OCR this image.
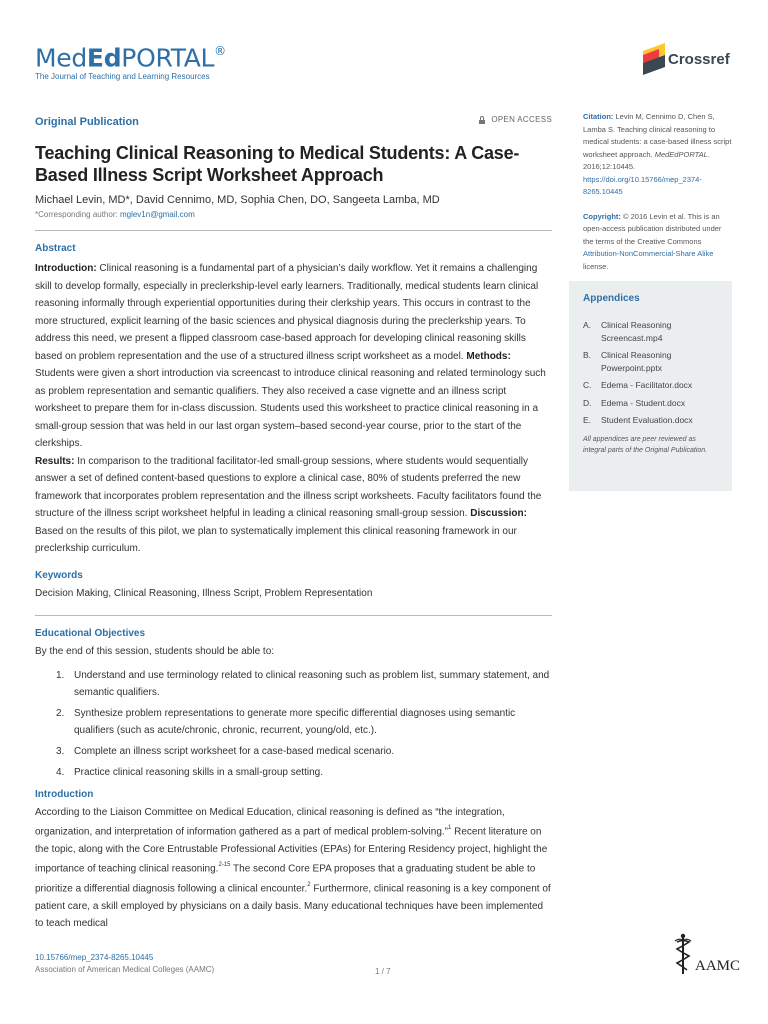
MedEdPORTAL®
The Journal of Teaching and Learning Resources
Crossref
Original Publication	OPEN ACCESS
Teaching Clinical Reasoning to Medical Students: A Case-Based Illness Script Worksheet Approach
Michael Levin, MD*, David Cennimo, MD, Sophia Chen, DO, Sangeeta Lamba, MD
*Corresponding author: mglev1n@gmail.com
Abstract

Introduction: Clinical reasoning is a fundamental part of a physician’s daily workflow. Yet it remains a challenging skill to develop formally, especially in preclerkship-level early learners. Traditionally, medical students learn clinical reasoning informally through experiential opportunities during their clerkship years. This occurs in contrast to the more structured, explicit learning of the basic sciences and physical diagnosis during the preclerkship years. To address this need, we present a flipped classroom case-based approach for developing clinical reasoning skills based on problem representation and the use of a structured illness script worksheet as a model. Methods: Students were given a short introduction via screencast to introduce clinical reasoning and related terminology such as problem representation and semantic qualifiers. They also received a case vignette and an illness script worksheet to prepare them for in-class discussion. Students used this worksheet to practice clinical reasoning in a small-group session that was held in our last organ system–based second-year course, prior to the start of the clerkships.
Results: In comparison to the traditional facilitator-led small-group sessions, where students would sequentially answer a set of defined content-based questions to explore a clinical case, 80% of students preferred the new framework that incorporates problem representation and the illness script worksheets. Faculty facilitators found the structure of the illness script worksheet helpful in leading a clinical reasoning small-group session. Discussion: Based on the results of this pilot, we plan to systematically implement this clinical reasoning framework in our preclerkship curriculum.

Keywords

Decision Making, Clinical Reasoning, Illness Script, Problem Representation

Educational Objectives

By the end of this session, students should be able to:

1. Understand and use terminology related to clinical reasoning such as problem list, summary statement, and semantic qualifiers.
2. Synthesize problem representations to generate more specific differential diagnoses using semantic qualifiers (such as acute/chronic, chronic, recurrent, young/old, etc.).
3. Complete an illness script worksheet for a case-based medical scenario.
4. Practice clinical reasoning skills in a small-group setting.
Introduction

According to the Liaison Committee on Medical Education, clinical reasoning is defined as “the integration, organization, and interpretation of information gathered as a part of medical problem-solving.”$^1$ Recent literature on the topic, along with the Core Entrustable Professional Activities (EPAs) for Entering Residency project, highlight the importance of teaching clinical reasoning.$^{2-15}$ The second Core EPA proposes that a graduating student be able to prioritize a differential diagnosis following a clinical encounter.$^2$ Furthermore, clinical reasoning is a key component of patient care, a skill employed by physicians on a daily basis. Many educational techniques have been implemented to teach medical

Citation: Levin M, Cennimo D, Chen S, Lamba S. Teaching clinical reasoning to medical students: a case-based illness script worksheet approach. MedEdPORTAL. 2016;12:10445. https://doi.org/10.15766/mep_2374-8265.10445

Copyright: © 2016 Levin et al. This is an open-access publication distributed under the terms of the Creative Commons Attribution-NonCommercial-Share Alike license.

Appendices
A. Clinical Reasoning Screencast.mp4
B. Clinical Reasoning Powerpoint.pptx
C. Edema - Facilitator.docx
D. Edema - Student.docx
E. Student Evaluation.docx

All appendices are peer reviewed as integral parts of the Original Publication.

10.15766/mep_2374-8265.10445
Association of American Medical Colleges (AAMC)	1 / 7	AAMC
